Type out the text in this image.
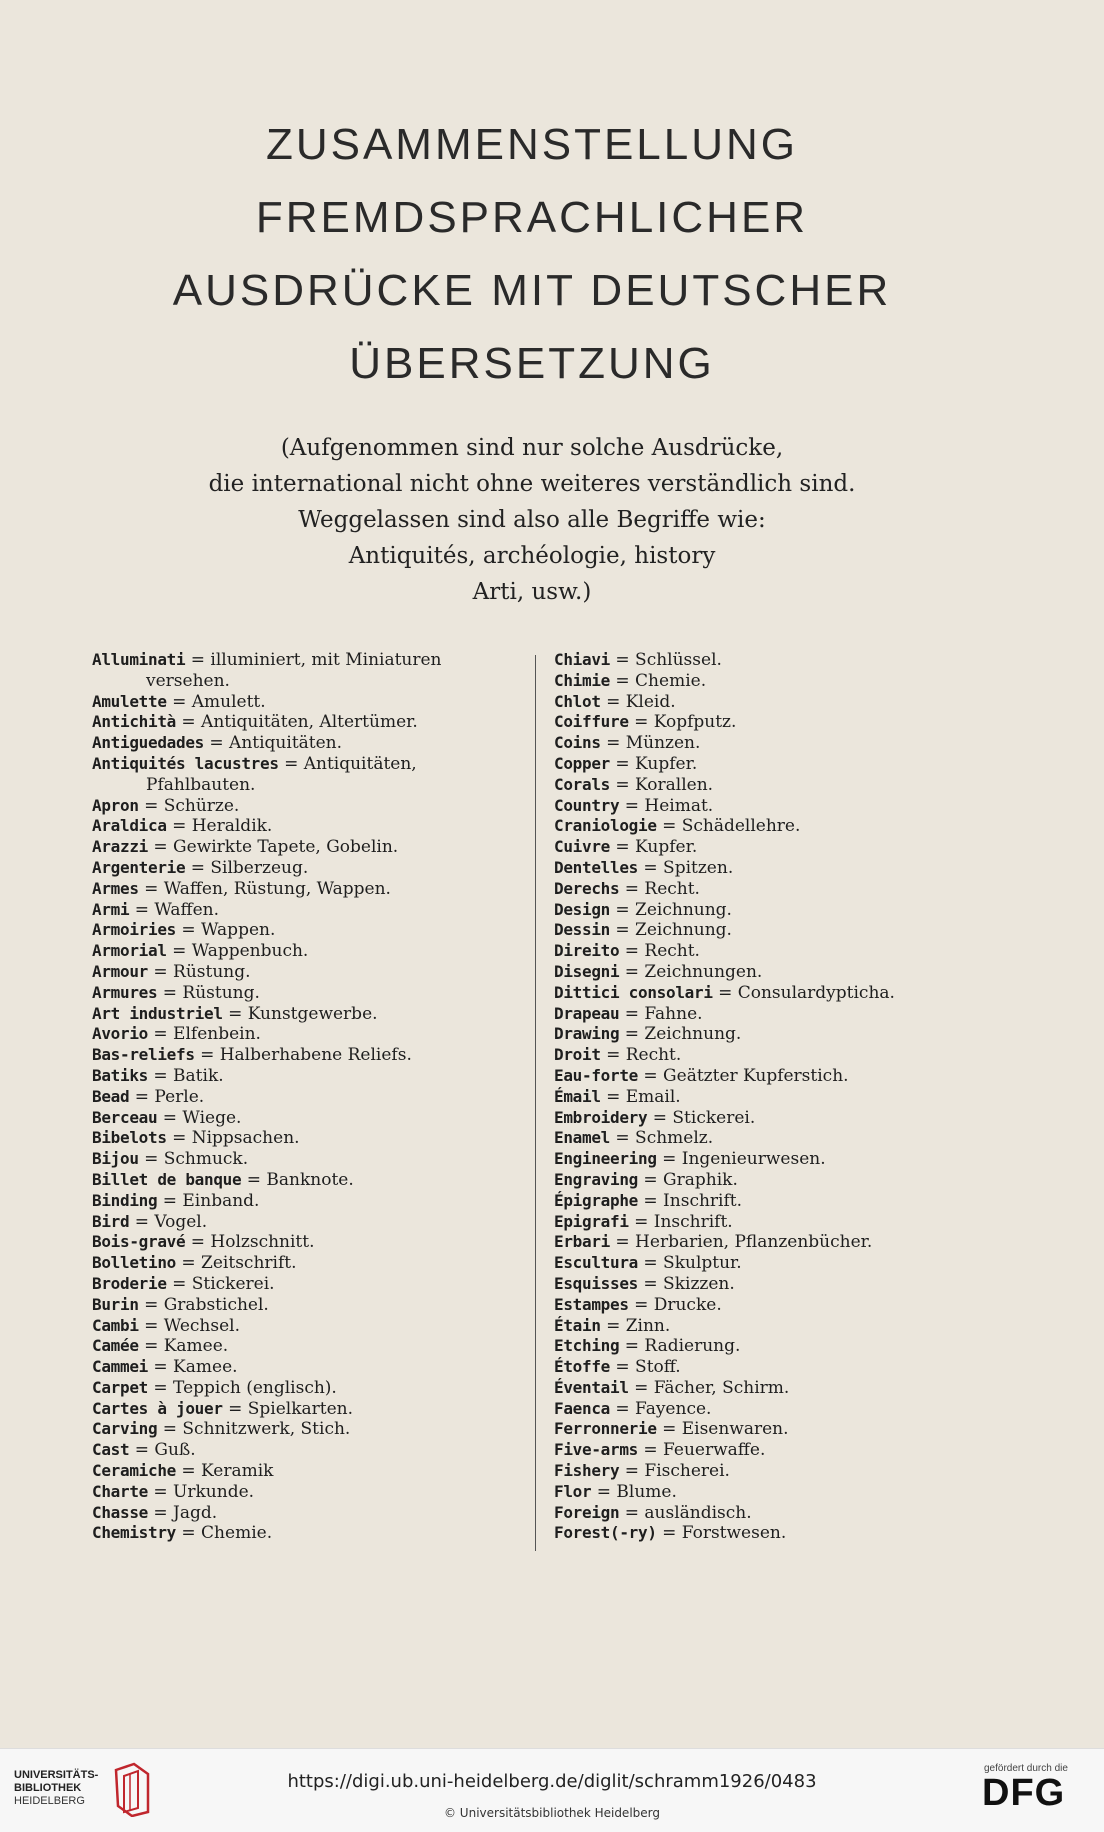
ZUSAMMENSTELLUNG
FREMDSPRACHLICHER
AUSDRÜCKE MIT DEUTSCHER
ÜBERSETZUNG
(Aufgenommen sind nur solche Ausdrücke,
die international nicht ohne weiteres verständlich sind.
Weggelassen sind also alle Begriffe wie:
Antiquités, archéologie, history
Arti, usw.)
Alluminati = illuminiert, mit Miniaturen
versehen.
Amulette = Amulett.
Antichità = Antiquitäten, Altertümer.
Antiguedades = Antiquitäten.
Antiquités lacustres = Antiquitäten,
Pfahlbauten.
Apron = Schürze.
Araldica = Heraldik.
Arazzi = Gewirkte Tapete, Gobelin.
Argenterie = Silberzeug.
Armes = Waffen, Rüstung, Wappen.
Armi = Waffen.
Armoiries = Wappen.
Armorial = Wappenbuch.
Armour = Rüstung.
Armures = Rüstung.
Art industriel = Kunstgewerbe.
Avorio = Elfenbein.
Bas-reliefs = Halberhabene Reliefs.
Batiks = Batik.
Bead = Perle.
Berceau = Wiege.
Bibelots = Nippsachen.
Bijou = Schmuck.
Billet de banque = Banknote.
Binding = Einband.
Bird = Vogel.
Bois-gravé = Holzschnitt.
Bolletino = Zeitschrift.
Broderie = Stickerei.
Burin = Grabstichel.
Cambi = Wechsel.
Camée = Kamee.
Cammei = Kamee.
Carpet = Teppich (englisch).
Cartes à jouer = Spielkarten.
Carving = Schnitzwerk, Stich.
Cast = Guß.
Ceramiche = Keramik
Charte = Urkunde.
Chasse = Jagd.
Chemistry = Chemie.
Chiavi = Schlüssel.
Chimie = Chemie.
Chlot = Kleid.
Coiffure = Kopfputz.
Coins = Münzen.
Copper = Kupfer.
Corals = Korallen.
Country = Heimat.
Craniologie = Schädellehre.
Cuivre = Kupfer.
Dentelles = Spitzen.
Derechs = Recht.
Design = Zeichnung.
Dessin = Zeichnung.
Direito = Recht.
Disegni = Zeichnungen.
Dittici consolari = Consulardypticha.
Drapeau = Fahne.
Drawing = Zeichnung.
Droit = Recht.
Eau-forte = Geätzter Kupferstich.
Émail = Email.
Embroidery = Stickerei.
Enamel = Schmelz.
Engineering = Ingenieurwesen.
Engraving = Graphik.
Épigraphe = Inschrift.
Epigrafi = Inschrift.
Erbari = Herbarien, Pflanzenbücher.
Escultura = Skulptur.
Esquisses = Skizzen.
Estampes = Drucke.
Étain = Zinn.
Etching = Radierung.
Étoffe = Stoff.
Éventail = Fächer, Schirm.
Faenca = Fayence.
Ferronnerie = Eisenwaren.
Five-arms = Feuerwaffe.
Fishery = Fischerei.
Flor = Blume.
Foreign = ausländisch.
Forest(-ry) = Forstwesen.
UNIVERSITÄTS-
BIBLIOTHEK
HEIDELBERG
https://digi.ub.uni-heidelberg.de/diglit/schramm1926/0483
© Universitätsbibliothek Heidelberg
gefördert durch die
DFG
